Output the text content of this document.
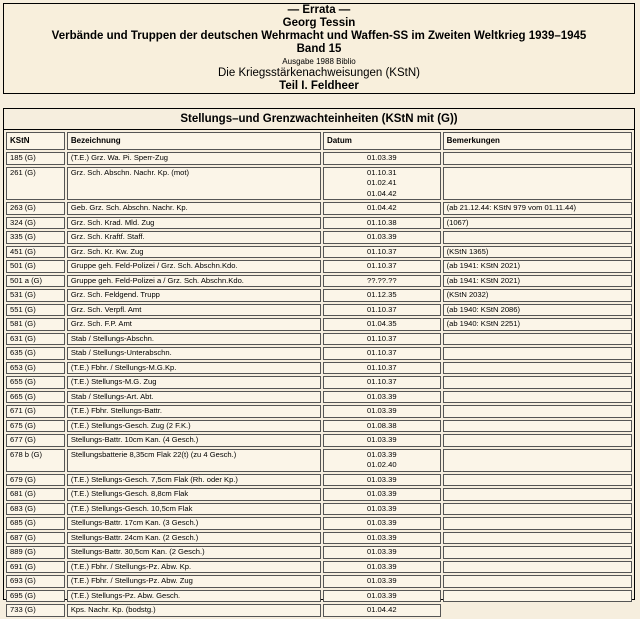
— Errata —
Georg Tessin
Verbände und Truppen der deutschen Wehrmacht und Waffen-SS im Zweiten Weltkrieg 1939–1945
Band 15
Ausgabe 1988 Biblio
Die Kriegsstärkenachweisungen (KStN)
Teil I. Feldheer
Stellungs–und Grenzwachteinheiten (KStN mit (G))
KStN	Bezeichnung	Datum	Bemerkungen
185 (G)	(T.E.) Grz. Wa. Pi. Sperr-Zug	01.03.39	

261 (G)	Grz. Sch. Abschn. Nachr. Kp. (mot)	01.10.31
01.02.41
01.04.42	

263 (G)	Geb. Grz. Sch. Abschn. Nachr. Kp.	01.04.42	(ab 21.12.44: KStN 979 vom 01.11.44)
324 (G)	Grz. Sch. Krad. Mld. Zug	01.10.38	(1067)
335 (G)	Grz. Sch. Kraftf. Staff.	01.03.39	

451 (G)	Grz. Sch. Kr. Kw. Zug	01.10.37	(KStN 1365)
501 (G)	Gruppe geh. Feld-Polizei / Grz. Sch. Abschn.Kdo.	01.10.37	(ab 1941: KStN 2021)
501 a (G)	Gruppe geh. Feld-Polizei a / Grz. Sch. Abschn.Kdo.	??.??.??	(ab 1941: KStN 2021)
531 (G)	Grz. Sch. Feldgend. Trupp	01.12.35	(KStN 2032)
551 (G)	Grz. Sch. Verpfl. Amt	01.10.37	(ab 1940: KStN 2086)
581 (G)	Grz. Sch. F.P. Amt	01.04.35	(ab 1940: KStN 2251)
631 (G)	Stab / Stellungs-Abschn.	01.10.37	

635 (G)	Stab / Stellungs-Unterabschn.	01.10.37	

653 (G)	(T.E.) Fƅhr. / Stellungs-M.G.Kp.	01.10.37	

655 (G)	(T.E.) Stellungs-M.G. Zug	01.10.37	

665 (G)	Stab / Stellungs-Art. Abt.	01.03.39	

671 (G)	(T.E.) Fƅhr. Stellungs-Battr.	01.03.39	

675 (G)	(T.E.) Stellungs-Gesch. Zug (2 F.K.)	01.08.38	

677 (G)	Stellungs-Battr. 10cm Kan. (4 Gesch.)	01.03.39	

678 b (G)	Stellungsbatterie 8,35cm Flak 22(t) (zu 4 Gesch.)	01.03.39
01.02.40	

679 (G)	(T.E.) Stellungs-Gesch. 7,5cm Flak (Rh. oder Kp.)	01.03.39	

681 (G)	(T.E.) Stellungs-Gesch. 8,8cm Flak	01.03.39	

683 (G)	(T.E.) Stellungs-Gesch. 10,5cm Flak	01.03.39	

685 (G)	Stellungs-Battr. 17cm Kan. (3 Gesch.)	01.03.39	

687 (G)	Stellungs-Battr. 24cm Kan. (2 Gesch.)	01.03.39	

889 (G)	Stellungs-Battr. 30,5cm Kan. (2 Gesch.)	01.03.39	

691 (G)	(T.E.) Fƅhr. / Stellungs-Pz. Abw. Kp.	01.03.39	

693 (G)	(T.E.) Fƅhr. / Stellungs-Pz. Abw. Zug	01.03.39	

695 (G)	(T.E.) Stellungs-Pz. Abw. Gesch.	01.03.39	

733 (G)	Kps. Nachr. Kp. (bodstg.)	01.04.42	
